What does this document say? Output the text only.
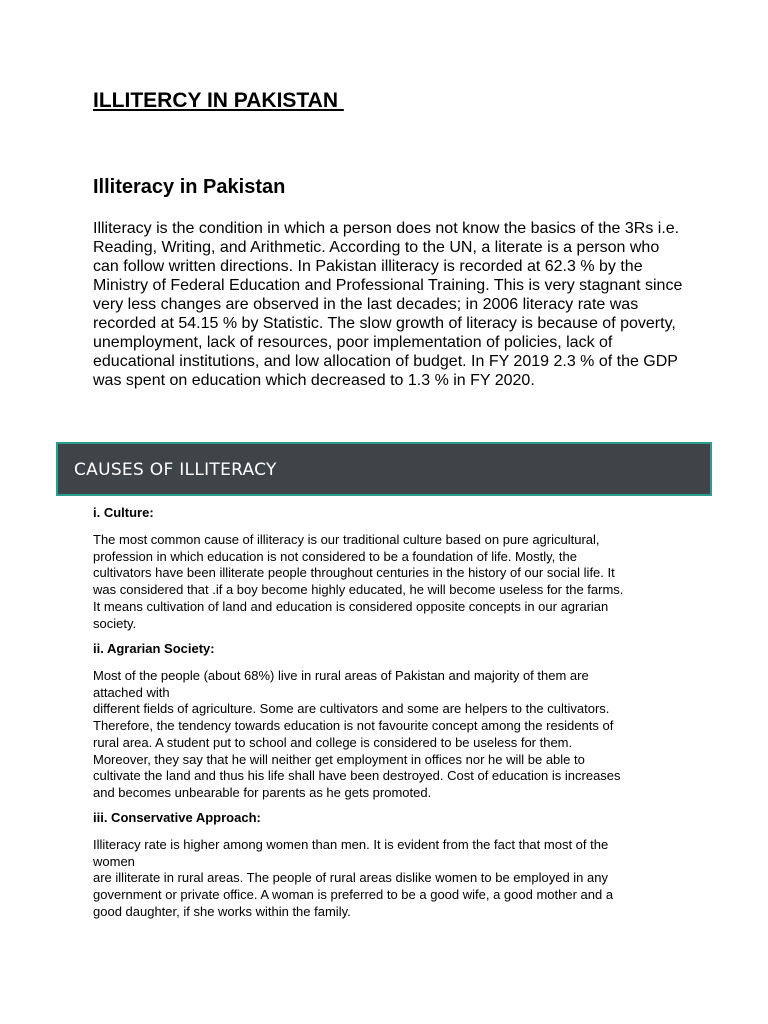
ILLITERCY IN PAKISTAN
Illiteracy in Pakistan

Illiteracy is the condition in which a person does not know the basics of the 3Rs i.e. Reading, Writing, and Arithmetic. According to the UN, a literate is a person who can follow written directions. In Pakistan illiteracy is recorded at 62.3 % by the Ministry of Federal Education and Professional Training. This is very stagnant since very less changes are observed in the last decades; in 2006 literacy rate was recorded at 54.15 % by Statistic. The slow growth of literacy is because of poverty, unemployment, lack of resources, poor implementation of policies, lack of educational institutions, and low allocation of budget. In FY 2019 2.3 % of the GDP was spent on education which decreased to 1.3 % in FY 2020.

CAUSES OF ILLITERACY
i. Culture:

The most common cause of illiteracy is our traditional culture based on pure agricultural,
profession in which education is not considered to be a foundation of life. Mostly, the
cultivators have been illiterate people throughout centuries in the history of our social life. It
was considered that .if a boy become highly educated, he will become useless for the farms.
It means cultivation of land and education is considered opposite concepts in our agrarian
society.

ii. Agrarian Society:

Most of the people (about 68%) live in rural areas of Pakistan and majority of them are
attached with
different fields of agriculture. Some are cultivators and some are helpers to the cultivators.
Therefore, the tendency towards education is not favourite concept among the residents of
rural area. A student put to school and college is considered to be useless for them.
Moreover, they say that he will neither get employment in offices nor he will be able to
cultivate the land and thus his life shall have been destroyed. Cost of education is increases
and becomes unbearable for parents as he gets promoted.

iii. Conservative Approach:

Illiteracy rate is higher among women than men. It is evident from the fact that most of the
women
are illiterate in rural areas. The people of rural areas dislike women to be employed in any
government or private office. A woman is preferred to be a good wife, a good mother and a
good daughter, if she works within the family.
